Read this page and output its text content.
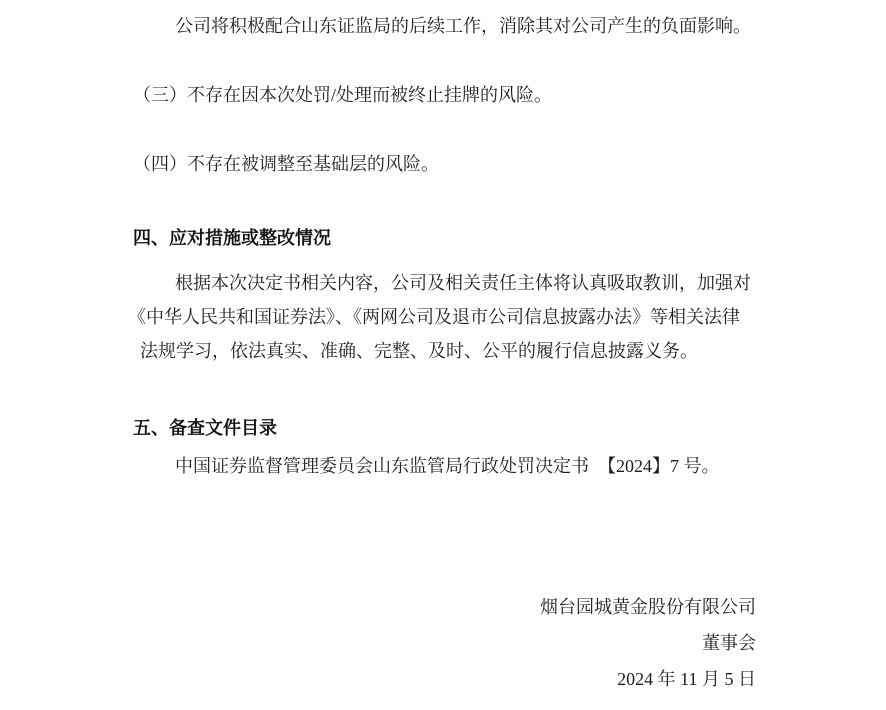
公司将积极配合山东证监局的后续工作，消除其对公司产生的负面影响。

（三）不存在因本次处罚/处理而被终止挂牌的风险。

（四）不存在被调整至基础层的风险。

四、应对措施或整改情况

根据本次决定书相关内容，公司及相关责任主体将认真吸取教训，加强对

《中华人民共和国证券法》、《两网公司及退市公司信息披露办法》等相关法律

法规学习，依法真实、准确、完整、及时、公平的履行信息披露义务。

五、备查文件目录

中国证券监督管理委员会山东监管局行政处罚决定书　【2024】7 号。

烟台园城黄金股份有限公司
董事会
2024 年 11 月 5 日
